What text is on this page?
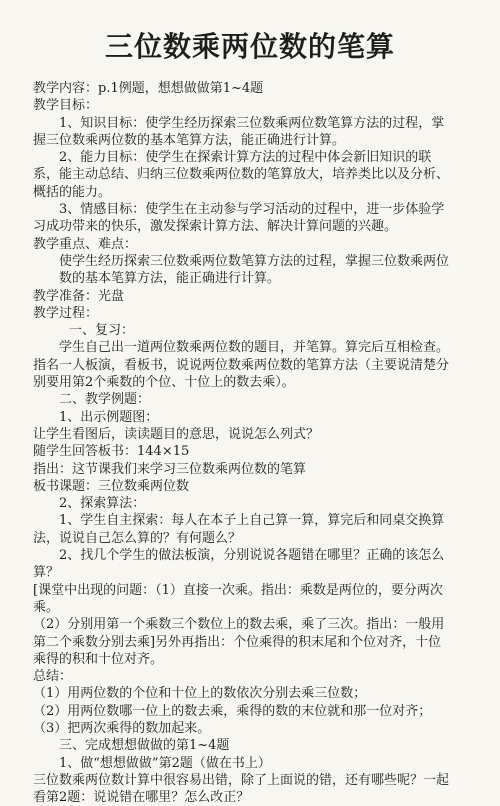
三位数乘两位数的笔算
教学内容：p.1例题，想想做做第1~4题
教学目标：
1、知识目标：使学生经历探索三位数乘两位数笔算方法的过程，掌
握三位数乘两位数的基本笔算方法，能正确进行计算。
2、能力目标：使学生在探索计算方法的过程中体会新旧知识的联
系，能主动总结、归纳三位数乘两位数的笔算放大，培养类比以及分析、
概括的能力。
3、情感目标：使学生在主动参与学习活动的过程中，进一步体验学
习成功带来的快乐，激发探索计算方法、解决计算问题的兴趣。
教学重点、难点：
使学生经历探索三位数乘两位数笔算方法的过程，掌握三位数乘两位
数的基本笔算方法，能正确进行计算。
教学准备：光盘
教学过程：
一、复习：
学生自己出一道两位数乘两位数的题目，并笔算。算完后互相检查。
指名一人板演，看板书，说说两位数乘两位数的笔算方法（主要说清楚分
别要用第2个乘数的个位、十位上的数去乘）。
二、教学例题：
1、出示例题图：
让学生看图后，读读题目的意思，说说怎么列式？
随学生回答板书：144×15
指出：这节课我们来学习三位数乘两位数的笔算
板书课题：三位数乘两位数
2、探索算法：
1、学生自主探索：每人在本子上自己算一算，算完后和同桌交换算
法，说说自己怎么算的？有何题么？
2、找几个学生的做法板演，分别说说各题错在哪里？正确的该怎么
算？
[课堂中出现的问题：（1）直接一次乘。指出：乘数是两位的，要分两次
乘。
（2）分别用第一个乘数三个数位上的数去乘，乘了三次。指出：一般用
第二个乘数分别去乘]另外再指出：个位乘得的积末尾和个位对齐，十位
乘得的积和十位对齐。
总结：
（1）用两位数的个位和十位上的数依次分别去乘三位数；
（2）用两位数哪一位上的数去乘，乘得的数的末位就和那一位对齐；
（3）把两次乘得的数加起来。
三、完成想想做做的第1~4题
1、做“想想做做”第2题（做在书上）
三位数乘两位数计算中很容易出错，除了上面说的错，还有哪些呢？一起
看第2题：说说错在哪里？怎么改正？
